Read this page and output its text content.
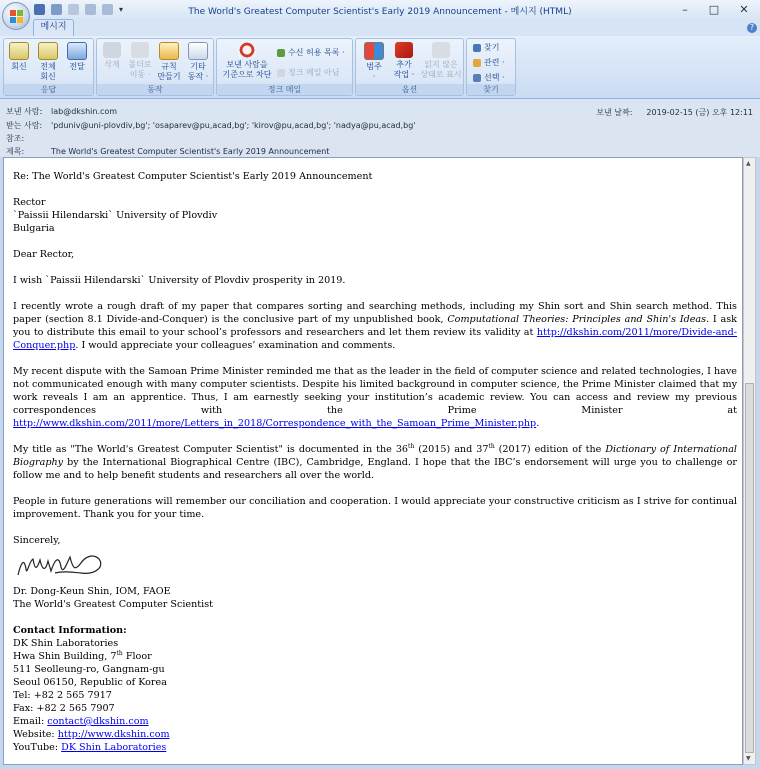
▾	The World's Greatest Computer Scientist's Early 2019 Announcement - 메시지 (HTML)	–	□ ✕
메시지	?
회신	전체
회신
전달
응답
삭제	폴더로
이동 ·
규칙
만들기
기타
동작 ·
동작
보낸 사람을
기준으로 차단
수신 허용 목록 ·
정크 메일 아님
정크 메일
범주
·
추가
작업 ·
읽지 않은
상태로 표시
옵션
찾기
관련 ·
선택 ·
찾기
보낸 사람: lab@dkshin.com
받는 사람: 'pduniv@uni-plovdiv,bg'; 'osaparev@pu,acad,bg'; 'kirov@pu,acad,bg'; 'nadya@pu,acad,bg'
참조:
제목:	The World's Greatest Computer Scientist's Early 2019 Announcement
보낸 날짜: 2019-02-15 (금) 오후 12:11

Re: The World's Greatest Computer Scientist's Early 2019 Announcement

Rector

`Paissii Hilendarski` University of Plovdiv

Bulgaria

Dear Rector,

I wish `Paissii Hilendarski` University of Plovdiv prosperity in 2019.

I recently wrote a rough draft of my paper that compares sorting and searching methods, including my Shin sort and Shin search method. This paper (section 8.1 Divide-and-Conquer) is the conclusive part of my unpublished book, Computational Theories: Principles and Shin's Ideas. I ask you to distribute this email to your school’s professors and researchers and let them review its validity at http://dkshin.com/2011/more/Divide-and-Conquer.php. I would appreciate your colleagues’ examination and comments.

My recent dispute with the Samoan Prime Minister reminded me that as the leader in the field of computer science and related technologies, I have not communicated enough with many computer scientists. Despite his limited background in computer science, the Prime Minister claimed that my work reveals I am an apprentice. Thus, I am earnestly seeking your institution’s academic review. You can access and review my previous correspondences with the Prime Minister at http://www.dkshin.com/2011/more/Letters_in_2018/Correspondence_with_the_Samoan_Prime_Minister.php.

My title as "The World's Greatest Computer Scientist" is documented in the 36th (2015) and 37th (2017) edition of the Dictionary of International Biography by the International Biographical Centre (IBC), Cambridge, England. I hope that the IBC’s endorsement will urge you to challenge or follow me and to help benefit students and researchers all over the world.

People in future generations will remember our conciliation and cooperation. I would appreciate your constructive criticism as I strive for continual improvement. Thank you for your time.

Sincerely,

Dr. Dong-Keun Shin, IOM, FAOE

The World's Greatest Computer Scientist

Contact Information:

DK Shin Laboratories

Hwa Shin Building, 7th Floor

511 Seolleung-ro, Gangnam-gu

Seoul 06150, Republic of Korea

Tel: +82 2 565 7917

Fax: +82 2 565 7907

Email: contact@dkshin.com

Website: http://www.dkshin.com

YouTube: DK Shin Laboratories

▲
▼
